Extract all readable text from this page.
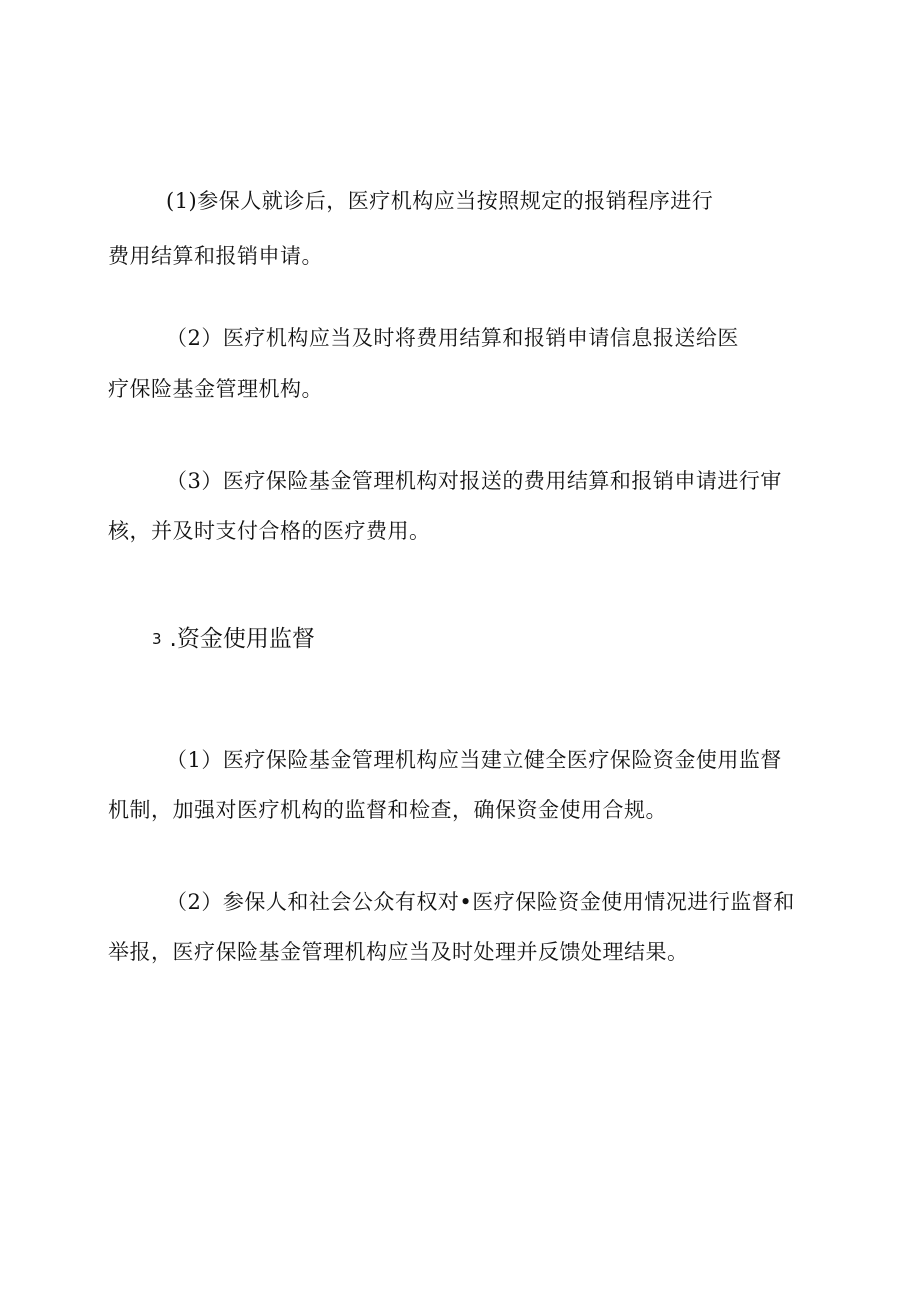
(1)参保人就诊后，医疗机构应当按照规定的报销程序进行
费用结算和报销申请。
（2）医疗机构应当及时将费用结算和报销申请信息报送给医
疗保险基金管理机构。
（3）医疗保险基金管理机构对报送的费用结算和报销申请进行审
核，并及时支付合格的医疗费用。
3 .资金使用监督
（1）医疗保险基金管理机构应当建立健全医疗保险资金使用监督
机制，加强对医疗机构的监督和检查，确保资金使用合规。
（2）参保人和社会公众有权对•医疗保险资金使用情况进行监督和
举报，医疗保险基金管理机构应当及时处理并反馈处理结果。
